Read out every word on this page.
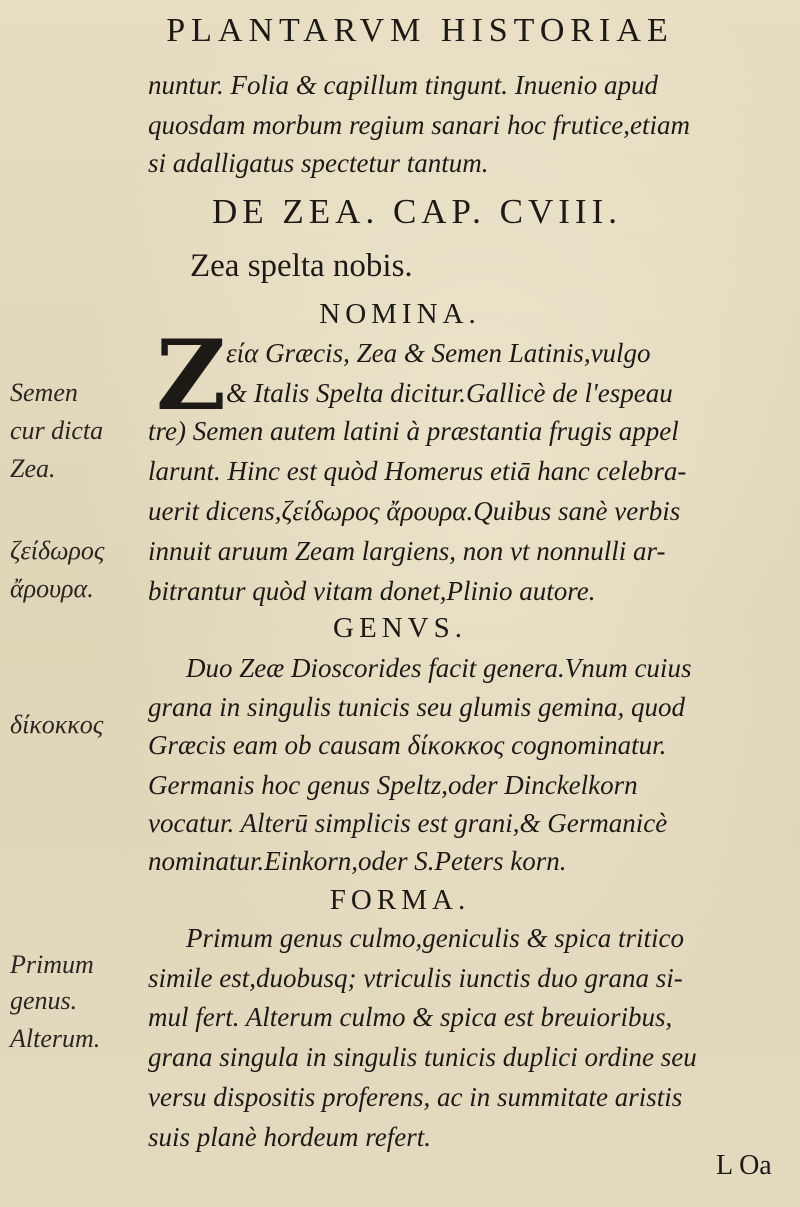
PLANTARVM HISTORIAE
nuntur. Folia & capillum tingunt. Inuenio apud
quosdam morbum regium sanari hoc frutice,etiam
si adalligatus spectetur tantum.
DE ZEA. CAP. CVIII.
Zea spelta nobis.
NOMINA.
Z εία Græcis, Zea & Semen Latinis,vulgo
& Italis Spelta dicitur.Gallicè de l'espeau
tre) Semen autem latini à præstantia frugis appel
larunt. Hinc est quòd Homerus etiā hanc celebra-
uerit dicens,ζείδωρος ἄρουρα.Quibus sanè verbis
innuit aruum Zeam largiens, non vt nonnulli ar-
bitrantur quòd vitam donet,Plinio autore.
GENVS.
Duo Zeæ Dioscorides facit genera.Vnum cuius
grana in singulis tunicis seu glumis gemina, quod
Græcis eam ob causam δίκοκκος cognominatur.
Germanis hoc genus Speltz,oder Dinckelkorn
vocatur. Alterū simplicis est grani,& Germanicè
nominatur.Einkorn,oder S.Peters korn.
FORMA.
Primum genus culmo,geniculis & spica tritico
simile est,duobusq; vtriculis iunctis duo grana si-
mul fert. Alterum culmo & spica est breuioribus,
grana singula in singulis tunicis duplici ordine seu
versu dispositis proferens, ac in summitate aristis
suis planè hordeum refert.
Semen
cur dicta
Zea.
ζείδωρος
ἄρουρα.
δίκοκκος
Primum
genus.
Alterum.
L Oa
